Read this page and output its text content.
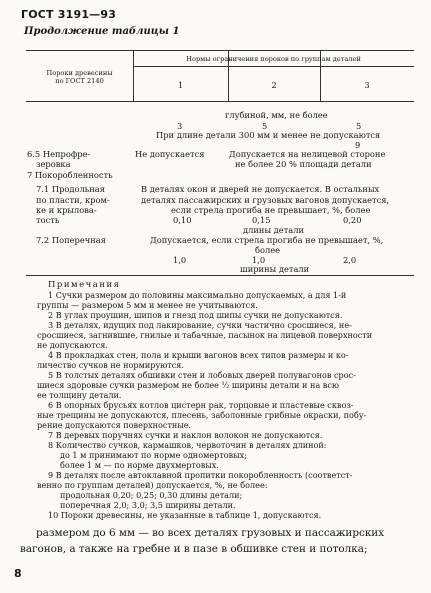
ГОСТ 3191—93
Продолжение таблицы 1
Пороки древесины
по ГОСТ 2140
Нормы ограничения пороков по группам деталей
1	2	3
глубиной, мм, не более
3	5	5
При длине детали 300 мм и менее не допускаются
9
6.5 Непрофре-	Не допускается	Допускается на нелицевой стороне
зеровка	не более 20 % площади детали
7 Покоробленность
7.1 Продольная	В деталях окон и дверей не допускается. В остальных
по пласти, кром-	деталях пассажирских и грузовых вагонов допускается,
ке и крылова-	если стрела прогиба не превышает, %, более
тость	0,10	0,15	0,20
длины детали
7.2 Поперечная	Допускается, если стрела прогиба не превышает, %,
более
1,0	1,0	2,0
ширины детали
Примечания
1 Сучки размером до половины максимально допускаемых, а для 1-й
группы — размером 5 мм и менее не учитываются.
2 В углах проушин, шипов и гнезд под шипы сучки не допускаются.
3 В деталях, идущих под лакирование, сучки частично сросшиеся, не-
сросшиеся, загнившие, гнилые и табачные, пасынок на лицевой поверхности
не допускаются.
4 В прокладках стен, пола и крыши вагонов всех типов размеры и ко-
личество сучков не нормируются.
5 В толстых деталях обшивки стен и лобовых дверей полувагонов срос-
шиеся здоровые сучки размером не более ½ ширины детали и на всю
ее толщину детали.
6 В опорных брусьях котлов цистерн рак, торцовые и пластевые сквоз-
ные трещины не допускаются, плесень, заболонные грибные окраски, побу-
рение допускаются поверхностные.
7 В деревых поручнях сучки и наклон волокон не допускаются.
8 Количество сучков, кармашков, червоточин в деталях длиной:
до 1 м принимают по норме одномертовых;
более 1 м — по норме двухмертовых.
9 В деталях после автоклавной пропитки покоробленность (соответст-
венно по группам деталей) допускается, %, не более:
продольная 0,20; 0,25; 0,30 длины детали;
поперечная 2,0; 3,0; 3,5 ширины детали.
10 Пороки древесины, не указанные в таблице 1, допускаются.
размером до 6 мм — во всех деталях грузовых и пассажирских
вагонов, а также на гребне и в пазе в обшивке стен и потолка;
8
